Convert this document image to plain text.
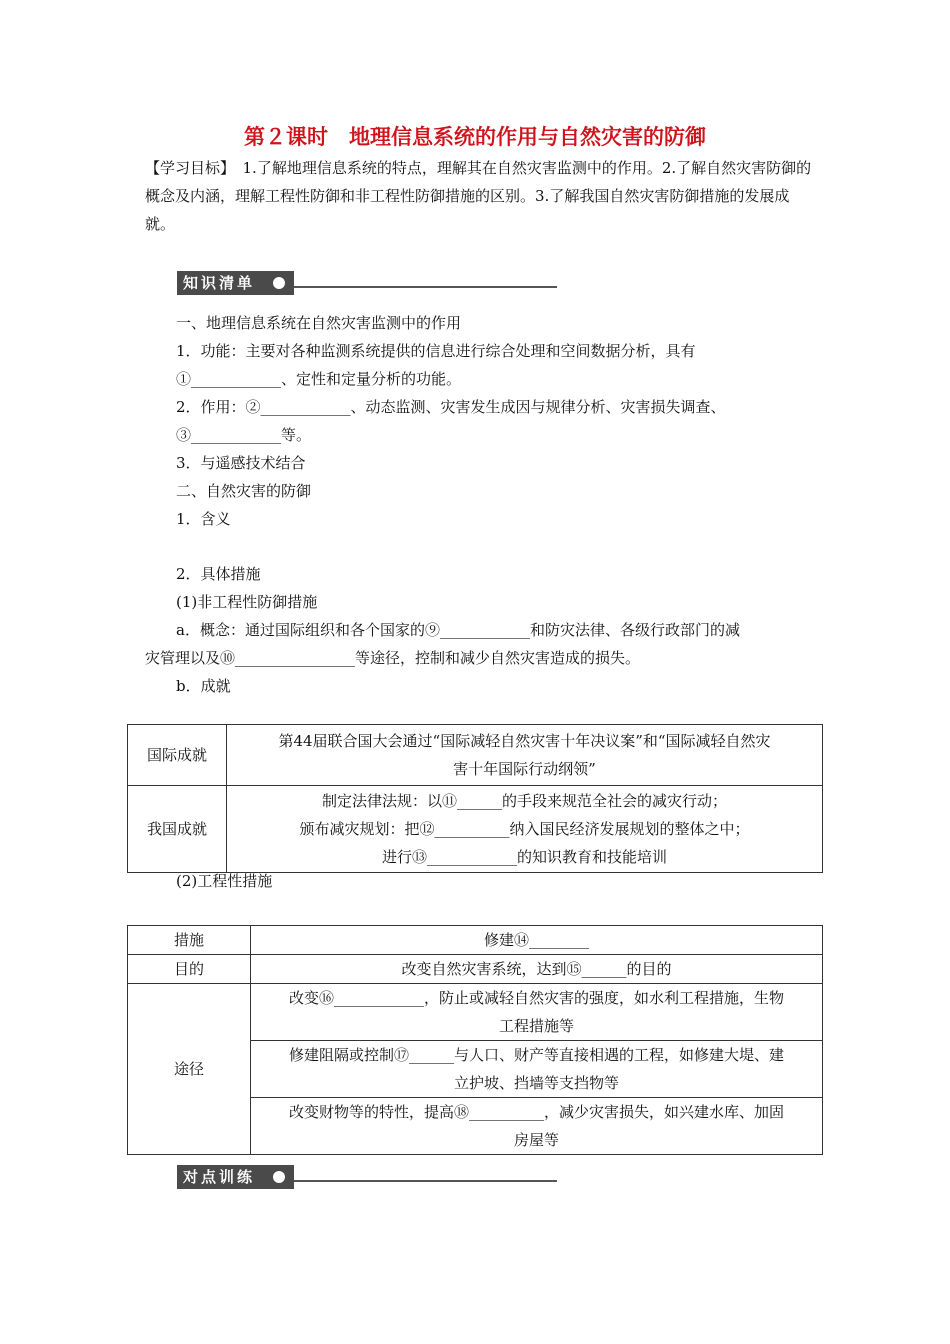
第２课时　地理信息系统的作用与自然灾害的防御
【学习目标】　1.了解地理信息系统的特点，理解其在自然灾害监测中的作用。2.了解自然灾害防御的概念及内涵，理解工程性防御和非工程性防御措施的区别。3.了解我国自然灾害防御措施的发展成就。
知识清单
一、地理信息系统在自然灾害监测中的作用
1．功能：主要对各种监测系统提供的信息进行综合处理和空间数据分析，具有
①____________、定性和定量分析的功能。
2．作用：②____________、动态监测、灾害发生成因与规律分析、灾害损失调查、
③____________等。
3．与遥感技术结合
二、自然灾害的防御
1．含义
2．具体措施
(1)非工程性防御措施
a．概念：通过国际组织和各个国家的⑨____________和防灾法律、各级行政部门的减
灾管理以及⑩________________等途径，控制和减少自然灾害造成的损失。
b．成就
国际成就	第44届联合国大会通过“国际减轻自然灾害十年决议案”和“国际减轻自然灾
害十年国际行动纲领”

我国成就	制定法律法规：以⑪______的手段来规范全社会的减灾行动；
颁布减灾规划：把⑫__________纳入国民经济发展规划的整体之中；
进行⑬____________的知识教育和技能培训
(2)工程性措施
措施	修建⑭________
目的	改变自然灾害系统，达到⑮______的目的
途径	改变⑯____________，防止或减轻自然灾害的强度，如水利工程措施，生物
工程措施等

	修建阻隔或控制⑰______与人口、财产等直接相遇的工程，如修建大堤、建
立护坡、挡墙等支挡物等

	改变财物等的特性，提高⑱__________，减少灾害损失，如兴建水库、加固
房屋等
对点训练
